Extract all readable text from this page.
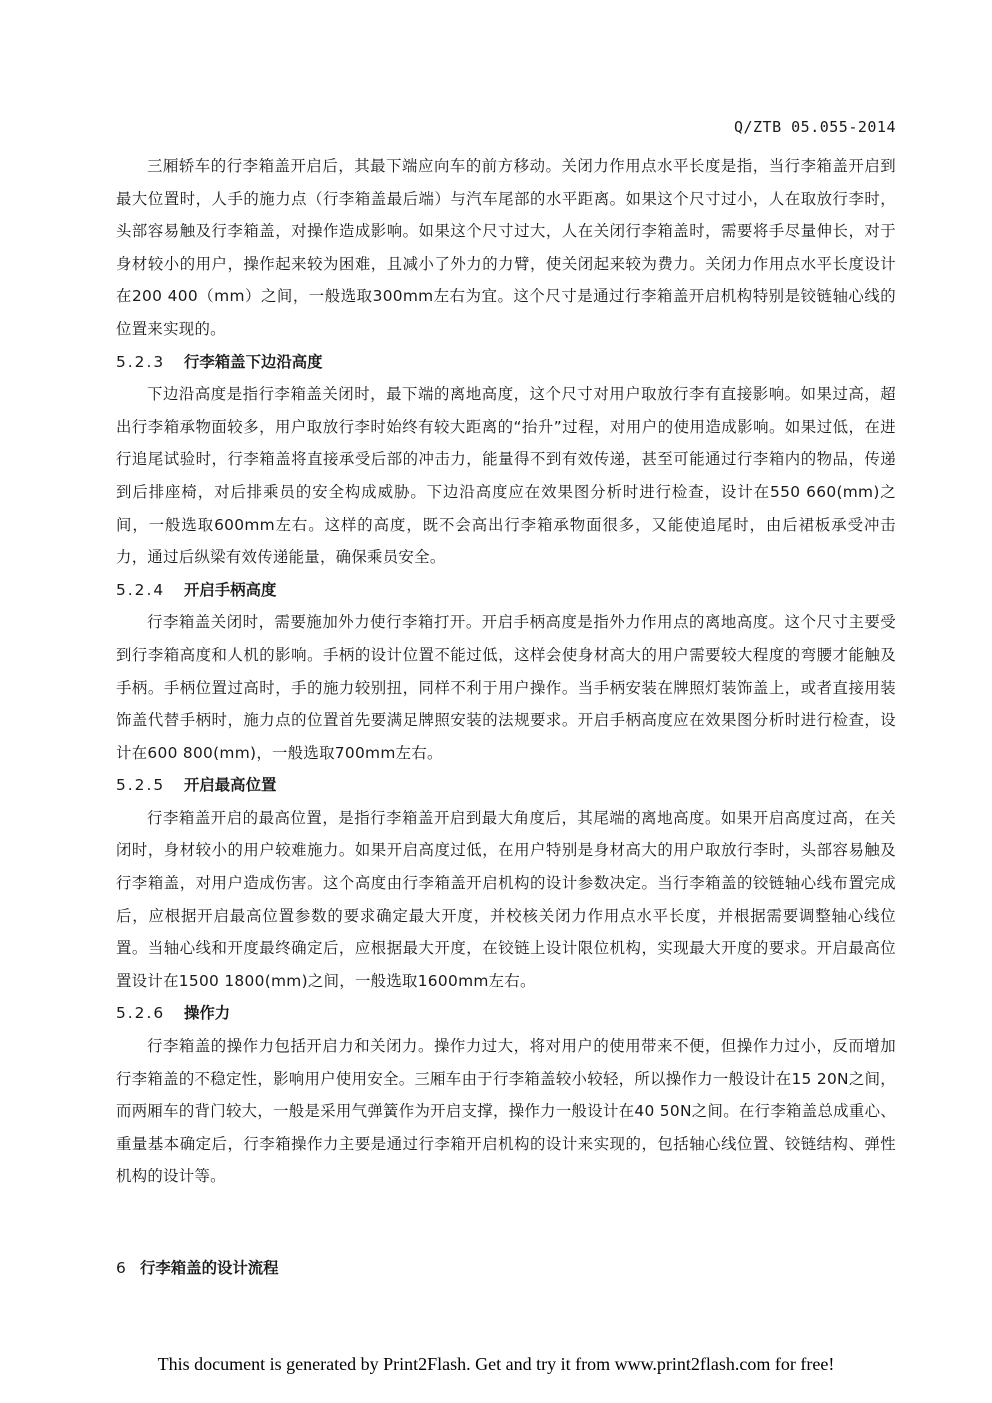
Q/ZTB 05.055-2014

三厢轿车的行李箱盖开启后，其最下端应向车的前方移动。关闭力作用点水平长度是指，当行李箱盖开启到最大位置时，人手的施力点（行李箱盖最后端）与汽车尾部的水平距离。如果这个尺寸过小，人在取放行李时，头部容易触及行李箱盖，对操作造成影响。如果这个尺寸过大，人在关闭行李箱盖时，需要将手尽量伸长，对于身材较小的用户，操作起来较为困难，且减小了外力的力臂，使关闭起来较为费力。关闭力作用点水平长度设计在200 400（mm）之间，一般选取300mm左右为宜。这个尺寸是通过行李箱盖开启机构特别是铰链轴心线的位置来实现的。

5.2.3 行李箱盖下边沿高度

下边沿高度是指行李箱盖关闭时，最下端的离地高度，这个尺寸对用户取放行李有直接影响。如果过高，超出行李箱承物面较多，用户取放行李时始终有较大距离的“抬升”过程，对用户的使用造成影响。如果过低，在进行追尾试验时，行李箱盖将直接承受后部的冲击力，能量得不到有效传递，甚至可能通过行李箱内的物品，传递到后排座椅，对后排乘员的安全构成威胁。下边沿高度应在效果图分析时进行检查，设计在550 660(mm)之间，一般选取600mm左右。这样的高度，既不会高出行李箱承物面很多，又能使追尾时，由后裙板承受冲击力，通过后纵梁有效传递能量，确保乘员安全。

5.2.4 开启手柄高度

行李箱盖关闭时，需要施加外力使行李箱打开。开启手柄高度是指外力作用点的离地高度。这个尺寸主要受到行李箱高度和人机的影响。手柄的设计位置不能过低，这样会使身材高大的用户需要较大程度的弯腰才能触及手柄。手柄位置过高时，手的施力较别扭，同样不利于用户操作。当手柄安装在牌照灯装饰盖上，或者直接用装饰盖代替手柄时，施力点的位置首先要满足牌照安装的法规要求。开启手柄高度应在效果图分析时进行检查，设计在600 800(mm)，一般选取700mm左右。

5.2.5 开启最高位置

行李箱盖开启的最高位置，是指行李箱盖开启到最大角度后，其尾端的离地高度。如果开启高度过高，在关闭时，身材较小的用户较难施力。如果开启高度过低，在用户特别是身材高大的用户取放行李时，头部容易触及行李箱盖，对用户造成伤害。这个高度由行李箱盖开启机构的设计参数决定。当行李箱盖的铰链轴心线布置完成后，应根据开启最高位置参数的要求确定最大开度，并校核关闭力作用点水平长度，并根据需要调整轴心线位置。当轴心线和开度最终确定后，应根据最大开度，在铰链上设计限位机构，实现最大开度的要求。开启最高位置设计在1500 1800(mm)之间，一般选取1600mm左右。

5.2.6 操作力

行李箱盖的操作力包括开启力和关闭力。操作力过大，将对用户的使用带来不便，但操作力过小，反而增加行李箱盖的不稳定性，影响用户使用安全。三厢车由于行李箱盖较小较轻，所以操作力一般设计在15 20N之间，而两厢车的背门较大，一般是采用气弹簧作为开启支撑，操作力一般设计在40 50N之间。在行李箱盖总成重心、重量基本确定后，行李箱操作力主要是通过行李箱开启机构的设计来实现的，包括轴心线位置、铰链结构、弹性机构的设计等。

6 行李箱盖的设计流程
This document is generated by Print2Flash. Get and try it from www.print2flash.com for free!
